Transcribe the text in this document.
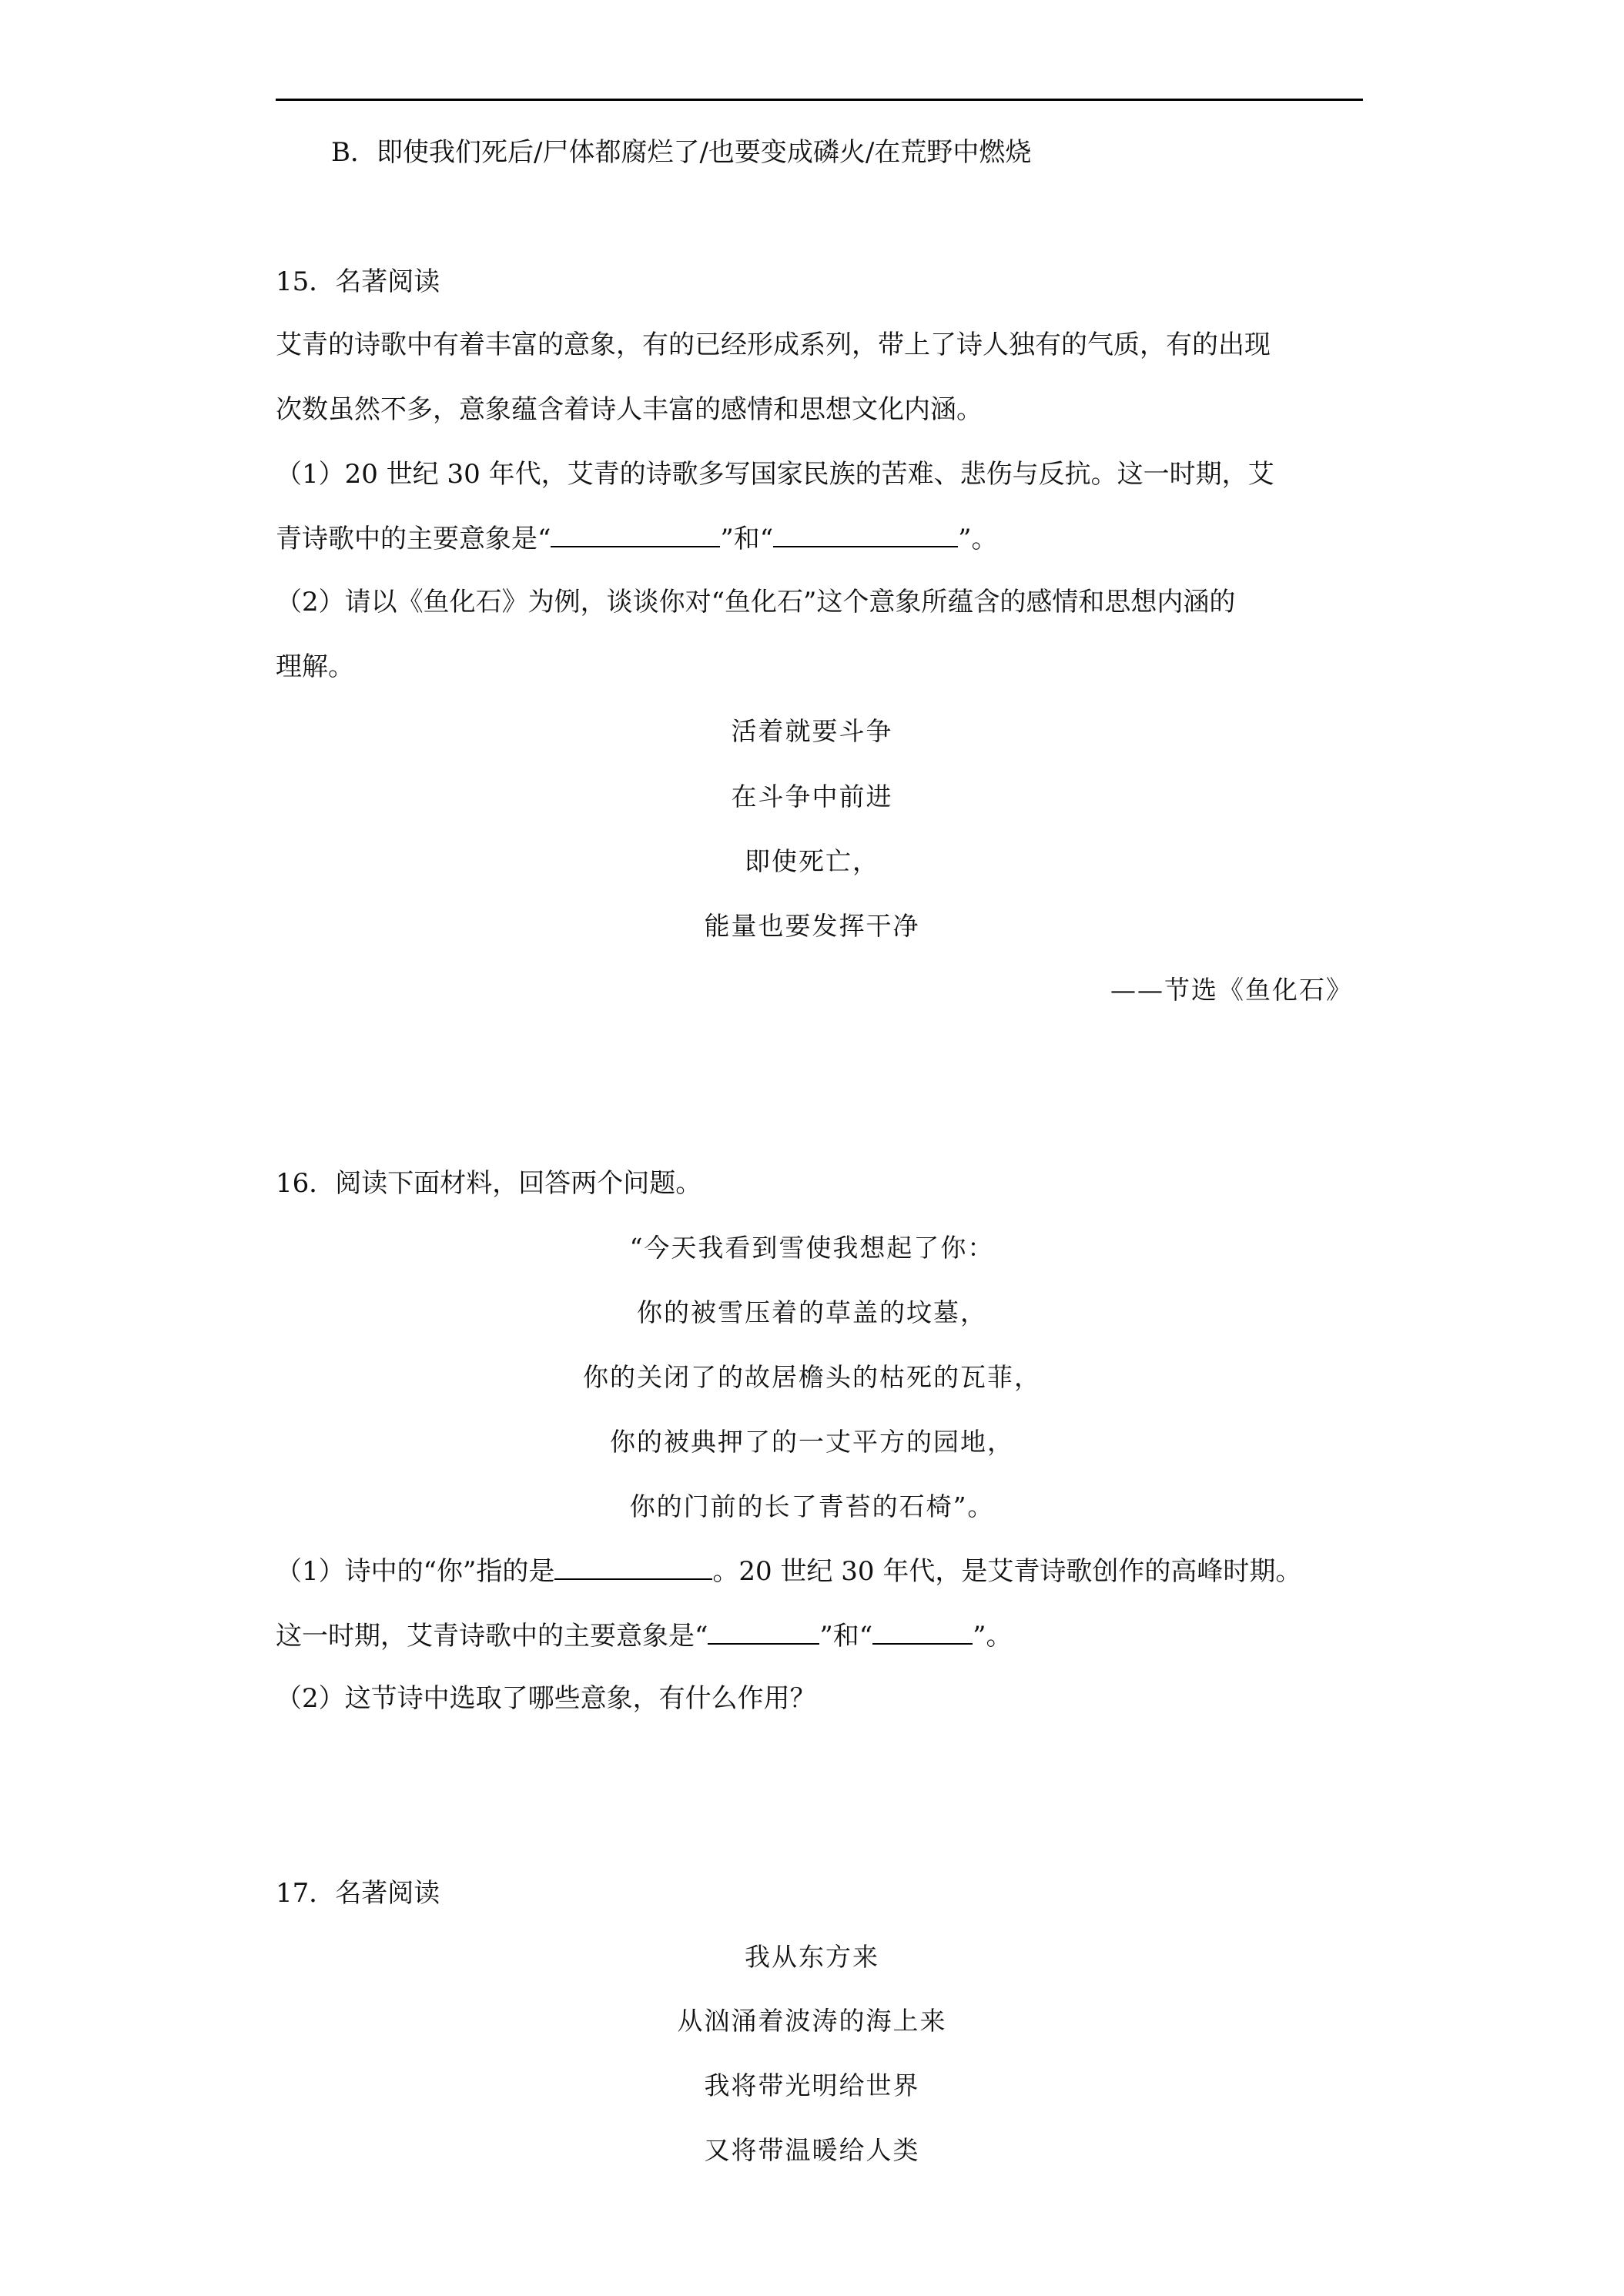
B．即使我们死后/尸体都腐烂了/也要变成磷火/在荒野中燃烧
15．名著阅读
艾青的诗歌中有着丰富的意象，有的已经形成系列，带上了诗人独有的气质，有的出现
次数虽然不多，意象蕴含着诗人丰富的感情和思想文化内涵。
（1）20 世纪 30 年代，艾青的诗歌多写国家民族的苦难、悲伤与反抗。这一时期，艾
青诗歌中的主要意象是“	”和“	”。
（2）请以《鱼化石》为例，谈谈你对“鱼化石”这个意象所蕴含的感情和思想内涵的
理解。
活着就要斗争
在斗争中前进
即使死亡，
能量也要发挥干净
——节选《鱼化石》
16．阅读下面材料，回答两个问题。
“今天我看到雪使我想起了你：
你的被雪压着的草盖的坟墓，
你的关闭了的故居檐头的枯死的瓦菲，
你的被典押了的一丈平方的园地，
你的门前的长了青苔的石椅”。
（1）诗中的“你”指的是	。20 世纪 30 年代，是艾青诗歌创作的高峰时期。
这一时期，艾青诗歌中的主要意象是“	”和“	”。
（2）这节诗中选取了哪些意象，有什么作用？
17．名著阅读
我从东方来
从汹涌着波涛的海上来
我将带光明给世界
又将带温暖给人类
